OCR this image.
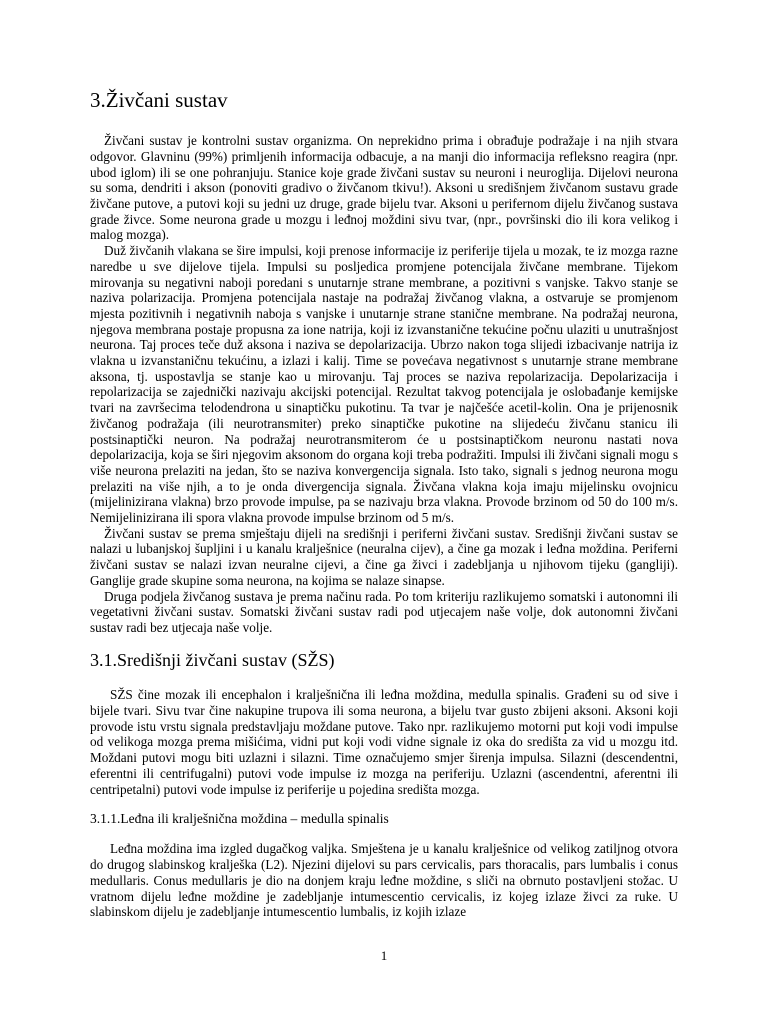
3.Živčani sustav

Živčani sustav je kontrolni sustav organizma. On neprekidno prima i obrađuje podražaje i na njih stvara odgovor. Glavninu (99%) primljenih informacija odbacuje, a na manji dio informacija refleksno reagira (npr. ubod iglom) ili se one pohranjuju. Stanice koje grade živčani sustav su neuroni i neuroglija. Dijelovi neurona su soma, dendriti i akson (ponoviti gradivo o živčanom tkivu!). Aksoni u središnjem živčanom sustavu grade živčane putove, a putovi koji su jedni uz druge, grade bijelu tvar. Aksoni u perifernom dijelu živčanog sustava grade živce. Some neurona grade u mozgu i leđnoj moždini sivu tvar, (npr., površinski dio ili kora velikog i malog mozga).

Duž živčanih vlakana se šire impulsi, koji prenose informacije iz periferije tijela u mozak, te iz mozga razne naredbe u sve dijelove tijela. Impulsi su posljedica promjene potencijala živčane membrane. Tijekom mirovanja su negativni naboji poredani s unutarnje strane membrane, a pozitivni s vanjske. Takvo stanje se naziva polarizacija. Promjena potencijala nastaje na podražaj živčanog vlakna, a ostvaruje se promjenom mjesta pozitivnih i negativnih naboja s vanjske i unutarnje strane stanične membrane. Na podražaj neurona, njegova membrana postaje propusna za ione natrija, koji iz izvanstanične tekućine počnu ulaziti u unutrašnjost neurona. Taj proces teče duž aksona i naziva se depolarizacija. Ubrzo nakon toga slijedi izbacivanje natrija iz vlakna u izvanstaničnu tekućinu, a izlazi i kalij. Time se povećava negativnost s unutarnje strane membrane aksona, tj. uspostavlja se stanje kao u mirovanju. Taj proces se naziva repolarizacija. Depolarizacija i repolarizacija se zajednički nazivaju akcijski potencijal. Rezultat takvog potencijala je oslobađanje kemijske tvari na završecima telodendrona u sinaptičku pukotinu. Ta tvar je najčešće acetil-kolin. Ona je prijenosnik živčanog podražaja (ili neurotransmiter) preko sinaptičke pukotine na slijedeću živčanu stanicu ili postsinaptički neuron. Na podražaj neurotransmiterom će u postsinaptičkom neuronu nastati nova depolarizacija, koja se širi njegovim aksonom do organa koji treba podražiti. Impulsi ili živčani signali mogu s više neurona prelaziti na jedan, što se naziva konvergencija signala. Isto tako, signali s jednog neurona mogu prelaziti na više njih, a to je onda divergencija signala. Živčana vlakna koja imaju mijelinsku ovojnicu (mijelinizirana vlakna) brzo provode impulse, pa se nazivaju brza vlakna. Provode brzinom od 50 do 100 m/s. Nemijelinizirana ili spora vlakna provode impulse brzinom od 5 m/s.

Živčani sustav se prema smještaju dijeli na središnji i periferni živčani sustav. Središnji živčani sustav se nalazi u lubanjskoj šupljini i u kanalu kralješnice (neuralna cijev), a čine ga mozak i leđna moždina. Periferni živčani sustav se nalazi izvan neuralne cijevi, a čine ga živci i zadebljanja u njihovom tijeku (gangliji). Ganglije grade skupine soma neurona, na kojima se nalaze sinapse.

Druga podjela živčanog sustava je prema načinu rada. Po tom kriteriju razlikujemo somatski i autonomni ili vegetativni živčani sustav. Somatski živčani sustav radi pod utjecajem naše volje, dok autonomni živčani sustav radi bez utjecaja naše volje.

3.1.Središnji živčani sustav (SŽS)

SŽS čine mozak ili encephalon i kralješnična ili leđna moždina, medulla spinalis. Građeni su od sive i bijele tvari. Sivu tvar čine nakupine trupova ili soma neurona, a bijelu tvar gusto zbijeni aksoni. Aksoni koji provode istu vrstu signala predstavljaju moždane putove. Tako npr. razlikujemo motorni put koji vodi impulse od velikoga mozga prema mišićima, vidni put koji vodi vidne signale iz oka do središta za vid u mozgu itd. Moždani putovi mogu biti uzlazni i silazni. Time označujemo smjer širenja impulsa. Silazni (descendentni, eferentni ili centrifugalni) putovi vode impulse iz mozga na periferiju. Uzlazni (ascendentni, aferentni ili centripetalni) putovi vode impulse iz periferije u pojedina središta mozga.

3.1.1.Leđna ili kralješnična moždina – medulla spinalis

Leđna moždina ima izgled dugačkog valjka. Smještena je u kanalu kralješnice od velikog zatiljnog otvora do drugog slabinskog kralješka (L2). Njezini dijelovi su pars cervicalis, pars thoracalis, pars lumbalis i conus medullaris. Conus medullaris je dio na donjem kraju leđne moždine, s sliči na obrnuto postavljeni stožac. U vratnom dijelu leđne moždine je zadebljanje intumescentio cervicalis, iz kojeg izlaze živci za ruke. U slabinskom dijelu je zadebljanje intumescentio lumbalis, iz kojih izlaze

1
